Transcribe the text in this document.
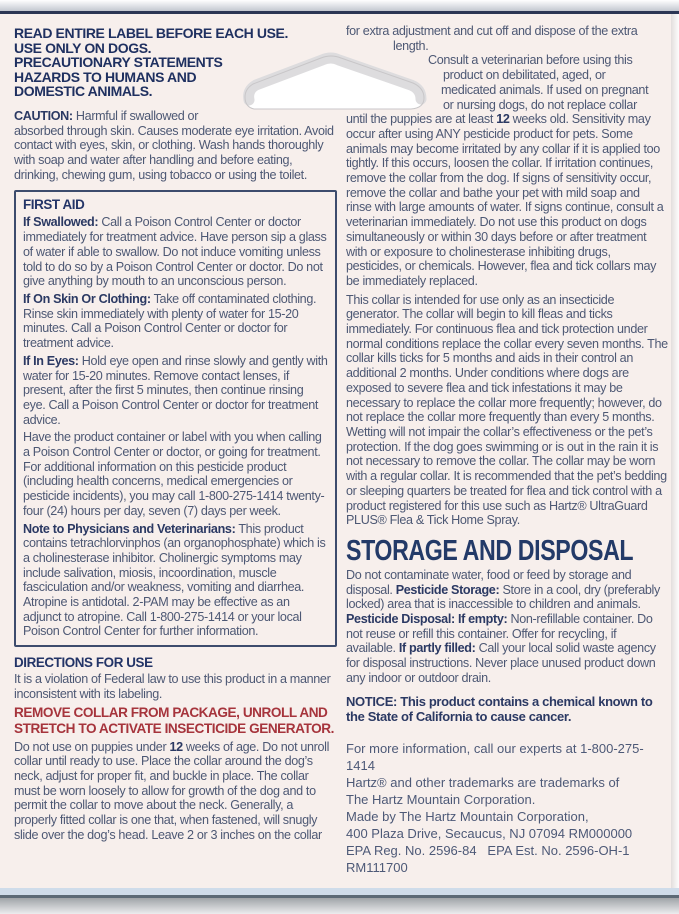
READ ENTIRE LABEL BEFORE EACH USE.
USE ONLY ON DOGS.
PRECAUTIONARY STATEMENTS
HAZARDS TO HUMANS AND
DOMESTIC ANIMALS.

CAUTION: Harmful if swallowed or
absorbed through skin. Causes moderate eye irritation. Avoid contact with eyes, skin, or clothing. Wash hands thoroughly with soap and water after handling and before eating, drinking, chewing gum, using tobacco or using the toilet.

FIRST AID

If Swallowed: Call a Poison Control Center or doctor immediately for treatment advice. Have person sip a glass of water if able to swallow. Do not induce vomiting unless told to do so by a Poison Control Center or doctor. Do not give anything by mouth to an unconscious person.

If On Skin Or Clothing: Take off contaminated clothing. Rinse skin immediately with plenty of water for 15-20 minutes. Call a Poison Control Center or doctor for treatment advice.

If In Eyes: Hold eye open and rinse slowly and gently with water for 15-20 minutes. Remove contact lenses, if present, after the first 5 minutes, then continue rinsing eye. Call a Poison Control Center or doctor for treatment advice.

Have the product container or label with you when calling a Poison Control Center or doctor, or going for treatment. For additional information on this pesticide product (including health concerns, medical emergencies or pesticide incidents), you may call 1-800-275-1414 twenty-four (24) hours per day, seven (7) days per week.

Note to Physicians and Veterinarians: This product contains tetrachlorvinphos (an organophosphate) which is a cholinesterase inhibitor. Cholinergic symptoms may include salivation, miosis, incoordination, muscle fasciculation and/or weakness, vomiting and diarrhea. Atropine is antidotal. 2-PAM may be effective as an adjunct to atropine. Call 1-800-275-1414 or your local Poison Control Center for further information.

DIRECTIONS FOR USE

It is a violation of Federal law to use this product in a manner inconsistent with its labeling.

REMOVE COLLAR FROM PACKAGE, UNROLL AND
STRETCH TO ACTIVATE INSECTICIDE GENERATOR.

Do not use on puppies under 12 weeks of age. Do not unroll collar until ready to use. Place the collar around the dog’s neck, adjust for proper fit, and buckle in place. The collar must be worn loosely to allow for growth of the dog and to permit the collar to move about the neck. Generally, a properly fitted collar is one that, when fastened, will snugly slide over the dog’s head. Leave 2 or 3 inches on the collar

for extra adjustment and cut off and dispose of the extra
length.
Consult a veterinarian before using this
product on debilitated, aged, or
medicated animals. If used on pregnant
or nursing dogs, do not replace collar

until the puppies are at least 12 weeks old. Sensitivity may occur after using ANY pesticide product for pets. Some animals may become irritated by any collar if it is applied too tightly. If this occurs, loosen the collar. If irritation continues, remove the collar from the dog. If signs of sensitivity occur, remove the collar and bathe your pet with mild soap and rinse with large amounts of water. If signs continue, consult a veterinarian immediately. Do not use this product on dogs simultaneously or within 30 days before or after treatment with or exposure to cholinesterase inhibiting drugs, pesticides, or chemicals. However, flea and tick collars may be immediately replaced.

This collar is intended for use only as an insecticide generator. The collar will begin to kill fleas and ticks immediately. For continuous flea and tick protection under normal conditions replace the collar every seven months. The collar kills ticks for 5 months and aids in their control an additional 2 months. Under conditions where dogs are exposed to severe flea and tick infestations it may be necessary to replace the collar more frequently; however, do not replace the collar more frequently than every 5 months. Wetting will not impair the collar’s effectiveness or the pet’s protection. If the dog goes swimming or is out in the rain it is not necessary to remove the collar. The collar may be worn with a regular collar. It is recommended that the pet’s bedding or sleeping quarters be treated for flea and tick control with a product registered for this use such as Hartz® UltraGuard PLUS® Flea & Tick Home Spray.

STORAGE AND DISPOSAL

Do not contaminate water, food or feed by storage and disposal. Pesticide Storage: Store in a cool, dry (preferably locked) area that is inaccessible to children and animals. Pesticide Disposal: If empty: Non-refillable container. Do not reuse or refill this container. Offer for recycling, if available. If partly filled: Call your local solid waste agency for disposal instructions. Never place unused product down any indoor or outdoor drain.

NOTICE: This product contains a chemical known to the State of California to cause cancer.

For more information, call our experts at 1-800-275-1414
Hartz® and other trademarks are trademarks of
The Hartz Mountain Corporation.
Made by The Hartz Mountain Corporation,
400 Plaza Drive, Secaucus, NJ 07094 RM000000
EPA Reg. No. 2596-84   EPA Est. No. 2596-OH-1
RM111700
